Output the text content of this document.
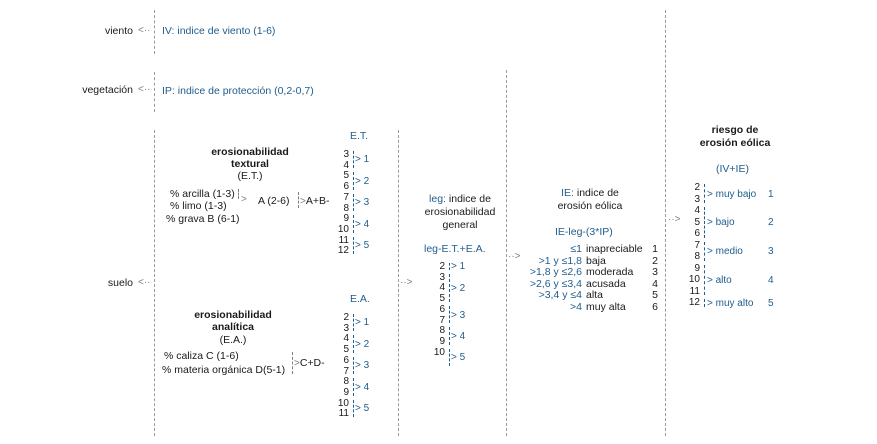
viento <··
vegetación <··
suelo <··
IV: indice de viento (1-6)
IP: indice de protección (0,2-0,7)
erosionabilidad
textural
(E.T.)
% arcilla (1-3)
% limo (1-3)
% grava B (6-1)
> A (2-6) >A+B-
erosionabilidad
analítica
(E.A.)
% caliza C (1-6)
% materia orgánica D(5-1)
>C+D-
E.T.
3
4
5
6
7
8
9
10
11
12
> 1
> 2
> 3
> 4
> 5
E.A.
2
3
4
5
6
7
8
9
10
11
> 1
> 2
> 3
> 4
> 5
··>
leg: indice de
erosionabilidad
general
leg-E.T.+E.A.
2
3
4
5
6
7
8
9
10
> 1
> 2
> 3
> 4
> 5
··>
IE: indice de
erosión eólica
IE-leg-(3*IP)
≤1 inapreciable 1
>1 y ≤1,8 baja	2
>1,8 y ≤2,6 moderada	3
>2,6 y ≤3,4 acusada	4
>3,4 y ≤4 alta	5
>4 muy alta	6
··>
riesgo de
erosión eólica
(IV+IE)
2
3
4
5
6
7
8
9
10
11
12
> muy bajo 1
> bajo	2
> medio	3
> alto	4
> muy alto 5
